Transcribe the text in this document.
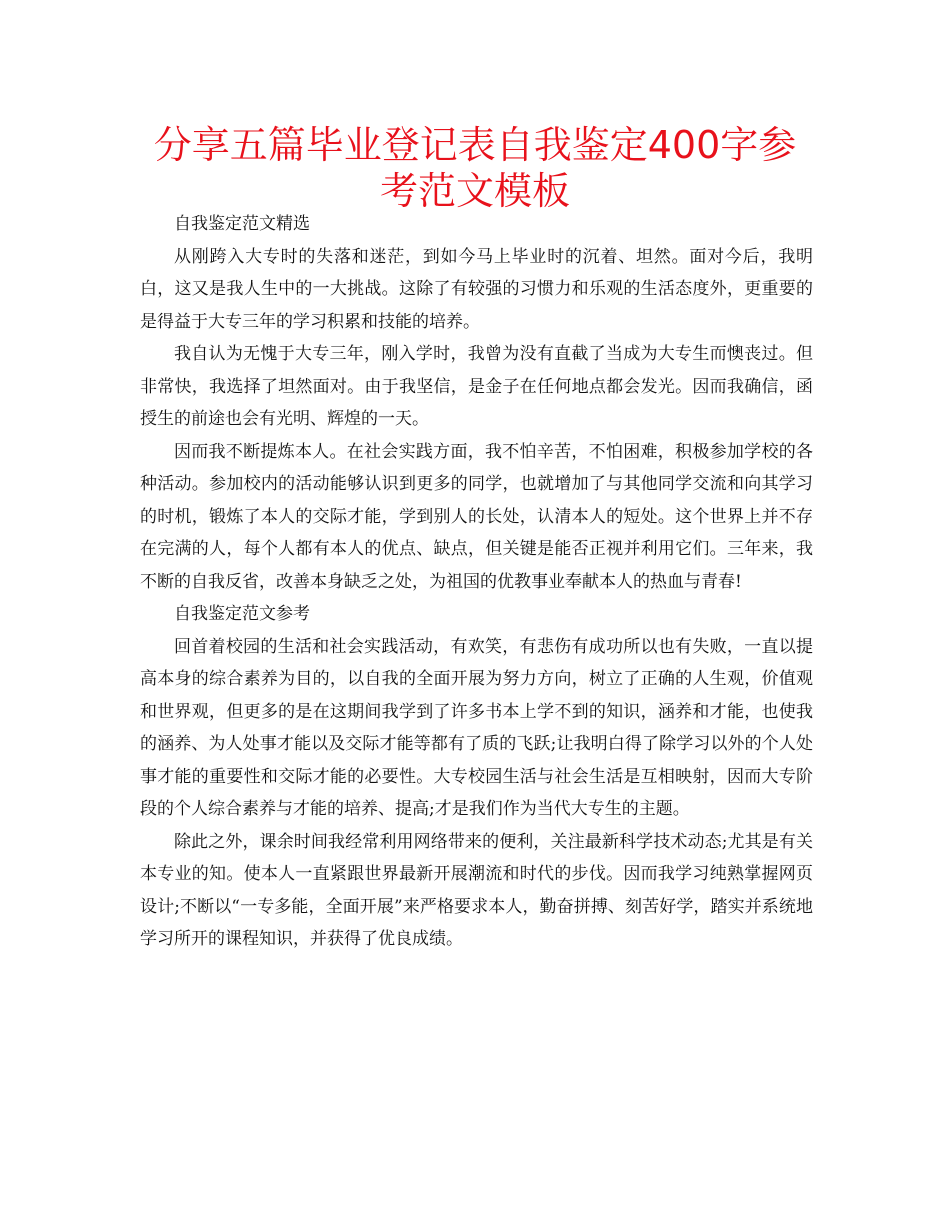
分享五篇毕业登记表自我鉴定400字参考范文模板

自我鉴定范文精选

从刚跨入大专时的失落和迷茫，到如今马上毕业时的沉着、坦然。面对今后，我明白，这又是我人生中的一大挑战。这除了有较强的习惯力和乐观的生活态度外，更重要的是得益于大专三年的学习积累和技能的培养。

我自认为无愧于大专三年，刚入学时，我曾为没有直截了当成为大专生而懊丧过。但非常快，我选择了坦然面对。由于我坚信，是金子在任何地点都会发光。因而我确信，函授生的前途也会有光明、辉煌的一天。

因而我不断提炼本人。在社会实践方面，我不怕辛苦，不怕困难，积极参加学校的各种活动。参加校内的活动能够认识到更多的同学，也就增加了与其他同学交流和向其学习的时机，锻炼了本人的交际才能，学到别人的长处，认清本人的短处。这个世界上并不存在完满的人，每个人都有本人的优点、缺点，但关键是能否正视并利用它们。三年来，我不断的自我反省，改善本身缺乏之处，为祖国的优教事业奉献本人的热血与青春!

自我鉴定范文参考

回首着校园的生活和社会实践活动，有欢笑，有悲伤有成功所以也有失败，一直以提高本身的综合素养为目的，以自我的全面开展为努力方向，树立了正确的人生观，价值观和世界观，但更多的是在这期间我学到了许多书本上学不到的知识，涵养和才能，也使我的涵养、为人处事才能以及交际才能等都有了质的飞跃;让我明白得了除学习以外的个人处事才能的重要性和交际才能的必要性。大专校园生活与社会生活是互相映射，因而大专阶段的个人综合素养与才能的培养、提高;才是我们作为当代大专生的主题。

除此之外，课余时间我经常利用网络带来的便利，关注最新科学技术动态;尤其是有关本专业的知。使本人一直紧跟世界最新开展潮流和时代的步伐。因而我学习纯熟掌握网页设计;不断以“一专多能，全面开展”来严格要求本人，勤奋拼搏、刻苦好学，踏实并系统地学习所开的课程知识，并获得了优良成绩。
